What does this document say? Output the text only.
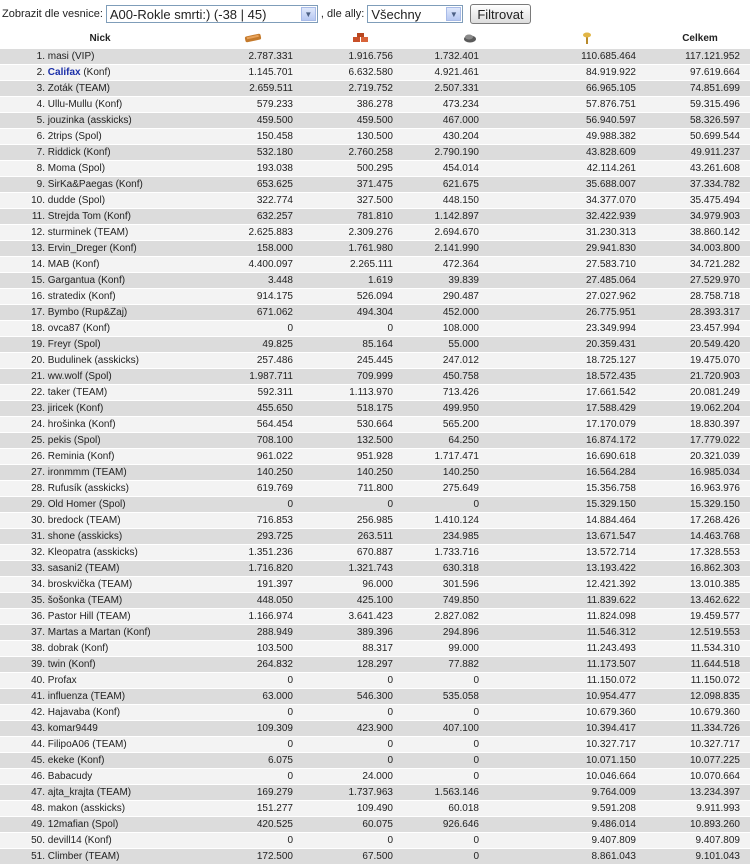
Zobrazit dle vesnice: A00-Rokle smrti:) (-38 | 45)	▼ , dle ally: Všechny	▼	Filtrovat
Nick					Celkem
1. masi (VIP)	2.787.331	1.916.756	1.732.401	110.685.464	117.121.952
2. Califax (Konf)	1.145.701	6.632.580	4.921.461	84.919.922	97.619.664
3. Zoták (TEAM)	2.659.511	2.719.752	2.507.331	66.965.105	74.851.699
4. Ullu-Mullu (Konf)	579.233	386.278	473.234	57.876.751	59.315.496
5. jouzinka (asskicks)	459.500	459.500	467.000	56.940.597	58.326.597
6. 2trips (Spol)	150.458	130.500	430.204	49.988.382	50.699.544
7. Riddick (Konf)	532.180	2.760.258	2.790.190	43.828.609	49.911.237
8. Moma (Spol)	193.038	500.295	454.014	42.114.261	43.261.608
9. SirKa&Paegas (Konf)	653.625	371.475	621.675	35.688.007	37.334.782
10. dudde (Spol)	322.774	327.500	448.150	34.377.070	35.475.494
11. Strejda Tom (Konf)	632.257	781.810	1.142.897	32.422.939	34.979.903
12. sturminek (TEAM)	2.625.883	2.309.276	2.694.670	31.230.313	38.860.142
13. Ervin_Dreger (Konf)	158.000	1.761.980	2.141.990	29.941.830	34.003.800
14. MAB (Konf)	4.400.097	2.265.111	472.364	27.583.710	34.721.282
15. Gargantua (Konf)	3.448	1.619	39.839	27.485.064	27.529.970
16. stratedix (Konf)	914.175	526.094	290.487	27.027.962	28.758.718
17. Bymbo (Rup&Zaj)	671.062	494.304	452.000	26.775.951	28.393.317
18. ovca87 (Konf)	0	0	108.000	23.349.994	23.457.994
19. Freyr (Spol)	49.825	85.164	55.000	20.359.431	20.549.420
20. Budulinek (asskicks)	257.486	245.445	247.012	18.725.127	19.475.070
21. ww.wolf (Spol)	1.987.711	709.999	450.758	18.572.435	21.720.903
22. taker (TEAM)	592.311	1.113.970	713.426	17.661.542	20.081.249
23. jiricek (Konf)	455.650	518.175	499.950	17.588.429	19.062.204
24. hrošinka (Konf)	564.454	530.664	565.200	17.170.079	18.830.397
25. pekis (Spol)	708.100	132.500	64.250	16.874.172	17.779.022
26. Reminia (Konf)	961.022	951.928	1.717.471	16.690.618	20.321.039
27. ironmmm (TEAM)	140.250	140.250	140.250	16.564.284	16.985.034
28. Rufusík (asskicks)	619.769	711.800	275.649	15.356.758	16.963.976
29. Old Homer (Spol)	0	0	0	15.329.150	15.329.150
30. bredock (TEAM)	716.853	256.985	1.410.124	14.884.464	17.268.426
31. shone (asskicks)	293.725	263.511	234.985	13.671.547	14.463.768
32. Kleopatra (asskicks)	1.351.236	670.887	1.733.716	13.572.714	17.328.553
33. sasani2 (TEAM)	1.716.820	1.321.743	630.318	13.193.422	16.862.303
34. broskvička (TEAM)	191.397	96.000	301.596	12.421.392	13.010.385
35. šošonka (TEAM)	448.050	425.100	749.850	11.839.622	13.462.622
36. Pastor Hill (TEAM)	1.166.974	3.641.423	2.827.082	11.824.098	19.459.577
37. Martas a Martan (Konf)	288.949	389.396	294.896	11.546.312	12.519.553
38. dobrak (Konf)	103.500	88.317	99.000	11.243.493	11.534.310
39. twin (Konf)	264.832	128.297	77.882	11.173.507	11.644.518
40. Profax	0	0	0	11.150.072	11.150.072
41. influenza (TEAM)	63.000	546.300	535.058	10.954.477	12.098.835
42. Hajavaba (Konf)	0	0	0	10.679.360	10.679.360
43. komar9449	109.309	423.900	407.100	10.394.417	11.334.726
44. FilipoA06 (TEAM)	0	0	0	10.327.717	10.327.717
45. ekeke (Konf)	6.075	0	0	10.071.150	10.077.225
46. Babacudy	0	24.000	0	10.046.664	10.070.664
47. ajta_krajta (TEAM)	169.279	1.737.963	1.563.146	9.764.009	13.234.397
48. makon (asskicks)	151.277	109.490	60.018	9.591.208	9.911.993
49. 12mafian (Spol)	420.525	60.075	926.646	9.486.014	10.893.260
50. devill14 (Konf)	0	0	0	9.407.809	9.407.809
51. Climber (TEAM)	172.500	67.500	0	8.861.043	9.101.043
